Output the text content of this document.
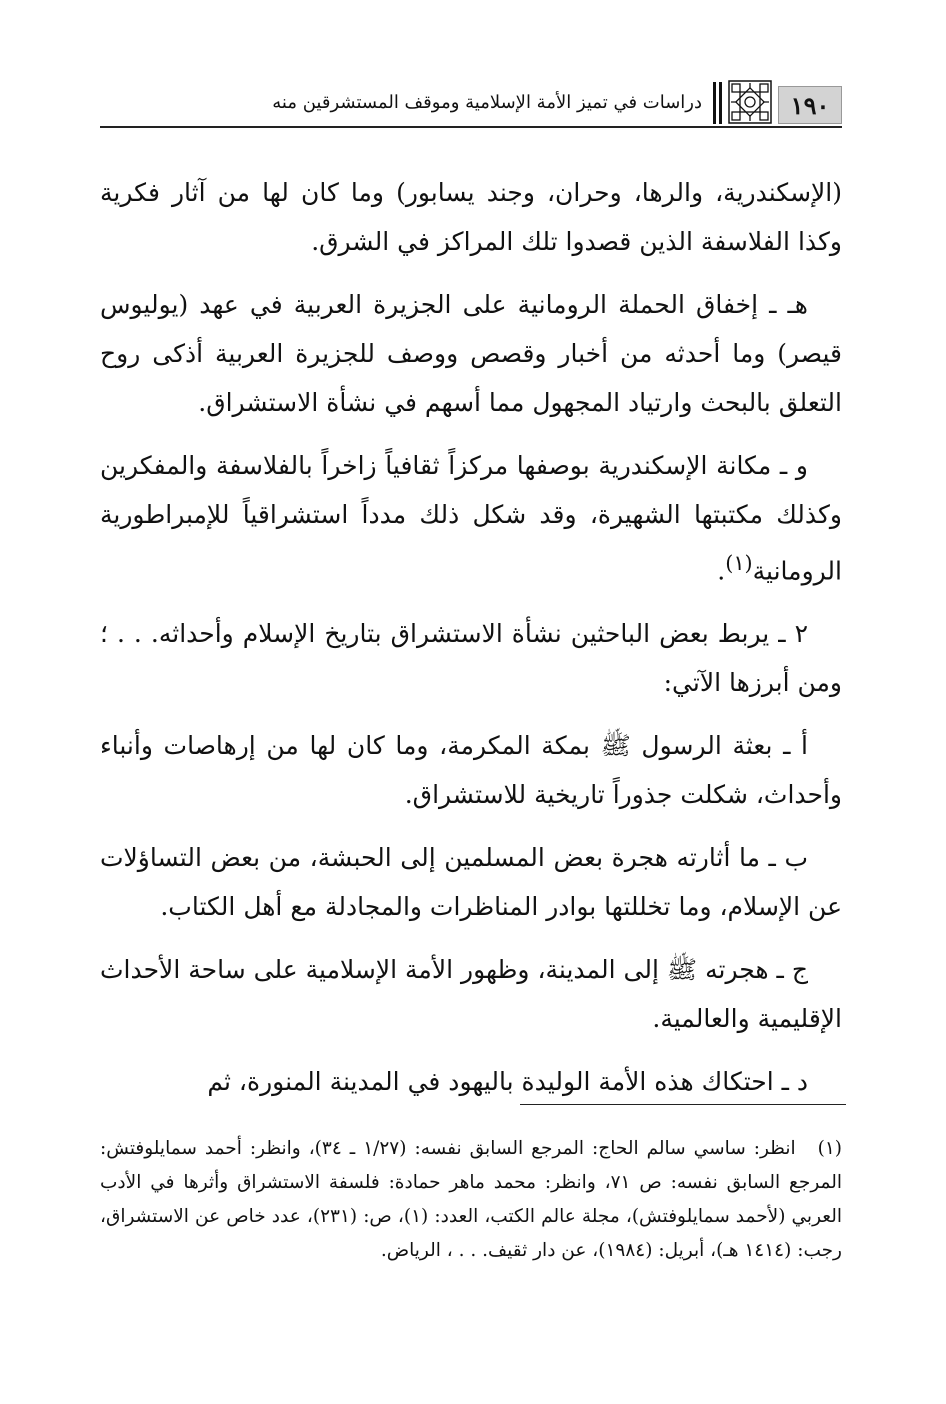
١٩٠
دراسات في تميز الأمة الإسلامية وموقف المستشرقين منه

(الإسكندرية، والرها، وحران، وجند يسابور) وما كان لها من آثار فكرية وكذا الفلاسفة الذين قصدوا تلك المراكز في الشرق.

هـ ـ إخفاق الحملة الرومانية على الجزيرة العربية في عهد (يوليوس قيصر) وما أحدثه من أخبار وقصص ووصف للجزيرة العربية أذكى روح التعلق بالبحث وارتياد المجهول مما أسهم في نشأة الاستشراق.

و ـ مكانة الإسكندرية بوصفها مركزاً ثقافياً زاخراً بالفلاسفة والمفكرين وكذلك مكتبتها الشهيرة، وقد شكل ذلك مدداً استشراقياً للإمبراطورية الرومانية$^{(١)}$.

٢ ـ يربط بعض الباحثين نشأة الاستشراق بتاريخ الإسلام وأحداثه. . . ؛ ومن أبرزها الآتي:

أ ـ بعثة الرسول ﷺ بمكة المكرمة، وما كان لها من إرهاصات وأنباء وأحداث، شكلت جذوراً تاريخية للاستشراق.

ب ـ ما أثارته هجرة بعض المسلمين إلى الحبشة، من بعض التساؤلات عن الإسلام، وما تخللتها بوادر المناظرات والمجادلة مع أهل الكتاب.

ج ـ هجرته ﷺ إلى المدينة، وظهور الأمة الإسلامية على ساحة الأحداث الإقليمية والعالمية.

د ـ احتكاك هذه الأمة الوليدة باليهود في المدينة المنورة، ثم

(١)انظر: ساسي سالم الحاج: المرجع السابق نفسه: (١/٢٧ ـ ٣٤)، وانظر: أحمد سمايلوفتش: المرجع السابق نفسه: ص ٧١، وانظر: محمد ماهر حمادة: فلسفة الاستشراق وأثرها في الأدب العربي (لأحمد سمايلوفتش)، مجلة عالم الكتب، العدد: (١)، ص: (٢٣١)، عدد خاص عن الاستشراق، رجب: (١٤١٤ هـ)، أبريل: (١٩٨٤)، عن دار ثقيف. . . ، الرياض.
